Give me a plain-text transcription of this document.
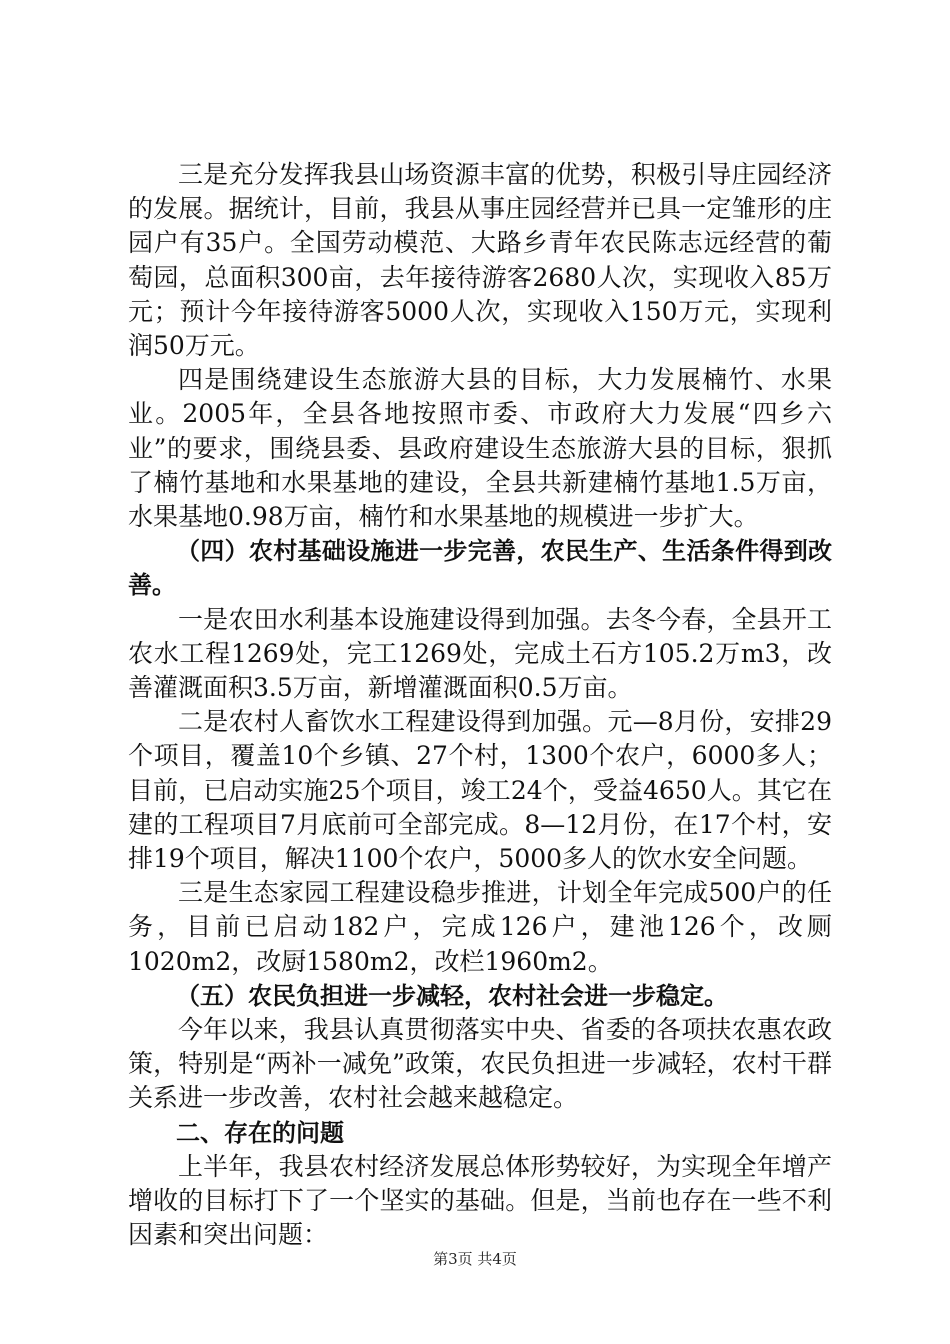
三是充分发挥我县山场资源丰富的优势，积极引导庄园经济的发展。据统计，目前，我县从事庄园经营并已具一定雏形的庄园户有35户。全国劳动模范、大路乡青年农民陈志远经营的葡萄园，总面积300亩，去年接待游客2680人次，实现收入85万元；预计今年接待游客5000人次，实现收入150万元，实现利润50万元。

四是围绕建设生态旅游大县的目标，大力发展楠竹、水果业。2005年，全县各地按照市委、市政府大力发展“四乡六业”的要求，围绕县委、县政府建设生态旅游大县的目标，狠抓了楠竹基地和水果基地的建设，全县共新建楠竹基地1.5万亩，水果基地0.98万亩，楠竹和水果基地的规模进一步扩大。

（四）农村基础设施进一步完善，农民生产、生活条件得到改善。

一是农田水利基本设施建设得到加强。去冬今春，全县开工农水工程1269处，完工1269处，完成土石方105.2万m3，改善灌溉面积3.5万亩，新增灌溉面积0.5万亩。

二是农村人畜饮水工程建设得到加强。元—8月份，安排29个项目，覆盖10个乡镇、27个村，1300个农户，6000多人；目前，已启动实施25个项目，竣工24个，受益4650人。其它在建的工程项目7月底前可全部完成。8—12月份，在17个村，安排19个项目，解决1100个农户，5000多人的饮水安全问题。

三是生态家园工程建设稳步推进，计划全年完成500户的任务，目前已启动182户，完成126户，建池126个，改厕1020m2，改厨1580m2，改栏1960m2。

（五）农民负担进一步减轻，农村社会进一步稳定。

今年以来，我县认真贯彻落实中央、省委的各项扶农惠农政策，特别是“两补一减免”政策，农民负担进一步减轻，农村干群关系进一步改善，农村社会越来越稳定。

二、存在的问题

上半年，我县农村经济发展总体形势较好，为实现全年增产增收的目标打下了一个坚实的基础。但是，当前也存在一些不利因素和突出问题：

第3页 共4页
